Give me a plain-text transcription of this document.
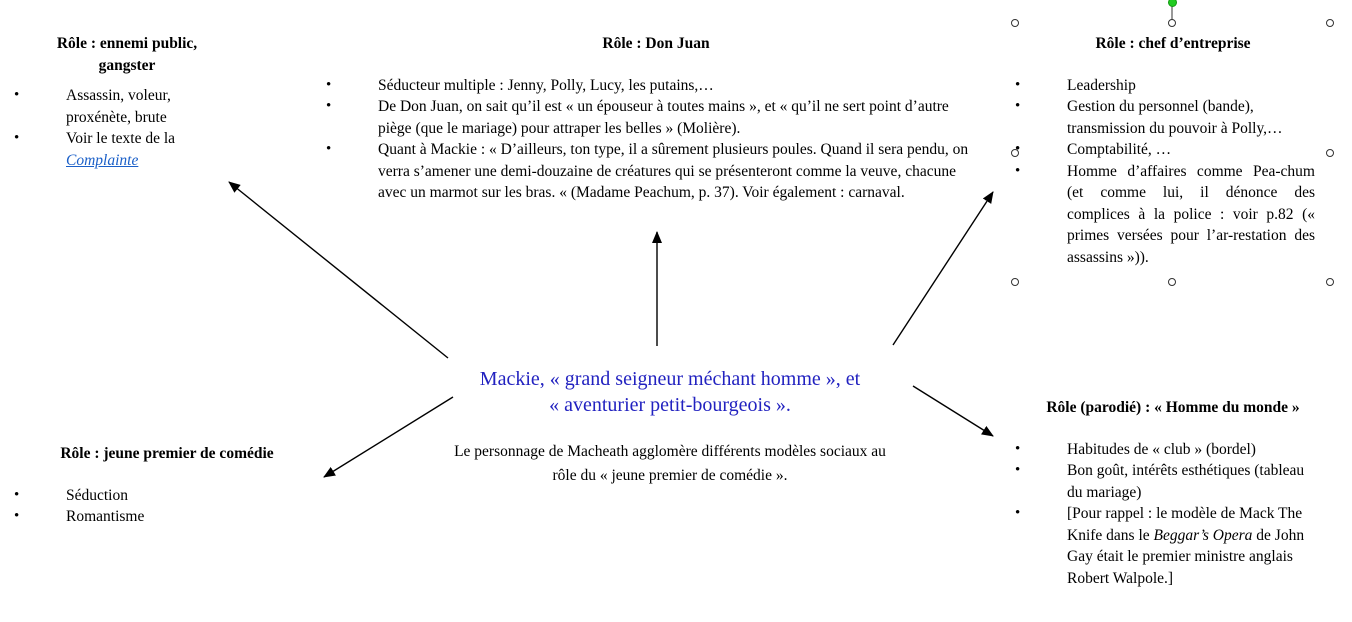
Rôle : ennemi public,
gangster

• Assassin, voleur, proxénète, brute
• Voir le texte de la
Complainte

Rôle : Don Juan

• Séducteur multiple : Jenny, Polly, Lucy, les putains,…
• De Don Juan, on sait qu’il est « un épouseur à toutes mains », et « qu’il ne sert point d’autre piège (que le mariage) pour attraper les belles » (Molière).
• Quant à Mackie : « D’ailleurs, ton type, il a sûrement plusieurs poules. Quand il sera pendu, on verra s’amener une demi-douzaine de créatures qui se présenteront comme la veuve, chacune avec un marmot sur les bras. « (Madame Peachum, p. 37). Voir également : carnaval.

Rôle : chef d’entreprise

• Leadership
• Gestion du personnel (bande), transmission du pouvoir à Polly,…
• Comptabilité, …
• Homme d’affaires comme Pea-chum (et comme lui, il dénonce des complices à la police : voir p.82 (« primes versées pour l’ar-restation des assassins »)).
Mackie, « grand seigneur méchant homme », et
« aventurier petit-bourgeois ».
Le personnage de Macheath agglomère différents modèles sociaux au
rôle du « jeune premier de comédie ».

Rôle : jeune premier de comédie

• Séduction
• Romantisme

Rôle (parodié) : « Homme du monde »

• Habitudes de « club » (bordel)
• Bon goût, intérêts esthétiques (tableau du mariage)
• [Pour rappel : le modèle de Mack The Knife dans le Beggar’s Opera de John Gay était le premier ministre anglais Robert Walpole.]
